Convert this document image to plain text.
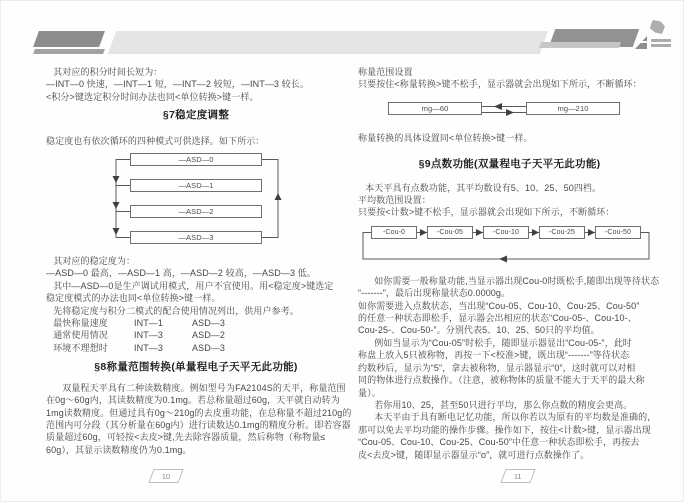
其对应的积分时间长短为：
—INT—0 快速，—INT—1 短，—INT—2 较短，—INT—3 较长。
<积分>键选定积分时间办法也同<单位转换>键一样。
§7稳定度调整
稳定度也有依次循环的四种模式可供选择。如下所示：
—ASD—0
—ASD—1
—ASD—2
—ASD—3
其对应的稳定度为：
—ASD—0 最高，—ASD—1 高，—ASD—2 较高，—ASD—3 低。
其中—ASD—0是生产调试用模式，用户不宜使用。用<稳定度>键选定
稳定度模式的办法也同<单位转换>键一样。
先将稳定度与积分二模式的配合使用情况列出，供用户参考。
最快称量速度	INT—1	ASD—3
通常使用情况	INT—3	ASD—2
环境不理想时	INT—3	ASD—3
§8称量范围转换(单量程电子天平无此功能)
双量程天平具有二种读数精度。例如型号为FA2104S的天平，称量范围
在0g～60g内，其读数精度为0.1mg。若总称量超过60g，天平就自动转为
1mg读数精度。但通过具有0g～210g的去皮重功能，在总称量不超过210g的
范围内可分段（其分析量在60g内）进行读数达0.1mg的精度分析。即若容器
质量超过60g，可轻按<去皮>键,先去除容器质量，然后称物（称物量≤
60g），其显示读数精度仍为0.1mg。
称量范围设置
只要按住<称量转换>键不松手，显示器就会出现如下所示，不断循环：
mg—60	mg—210
称量转换的具体设置同<单位转换>键一样。
§9点数功能(双量程电子天平无此功能)
本天平具有点数功能，其平均数设有5、10、25、50四档。
平均数范围设置：
只要按<计数>键不松手，显示器就会出现如下所示，不断循环：
-Cou-0	-Cou-05	-Cou-10	-Cou-25	-Cou-50
如你需要一般称量功能,当显示器出现Cou-0时既松手,随即出现等待状态
“-------”，最后出现称量状态0.0000g。
如你需要进入点数状态，当出现“Cou-05、Cou-10、Cou-25、Cou-50”
的任意一种状态即松手，显示器会出相应的状态“Cou-05-、Cou-10-、
Cou-25-、Cou-50-”。分别代表5、10、25、50只的平均值。
例如当显示为“Cou-05”时松手，随即显示器显出“Cou-05-”，此时
称盘上放入5只被称物，再按一下<校准>键，既出现“-------”等待状态
约数秒后，显示为“5”，拿去被称物，显示器显示“0”，这时就可以对相
同的物体进行点数操作。（注意，被称物体的质量不能大于天平的最大称
量）。
若你用10、25，甚至50只进行平均，那么你点数的精度会更高。
本天平由于具有断电记忆功能，所以你若以为原有的平均数是准确的，
那可以免去平均功能的操作步骤。操作如下，按住<计数>键，显示器出现
“Cou-05、Cou-10、Cou-25、Cou-50”中任意一种状态即松手，再按去
皮<去皮>键，随即显示器显示“o”，就可进行点数操作了。
10	11
